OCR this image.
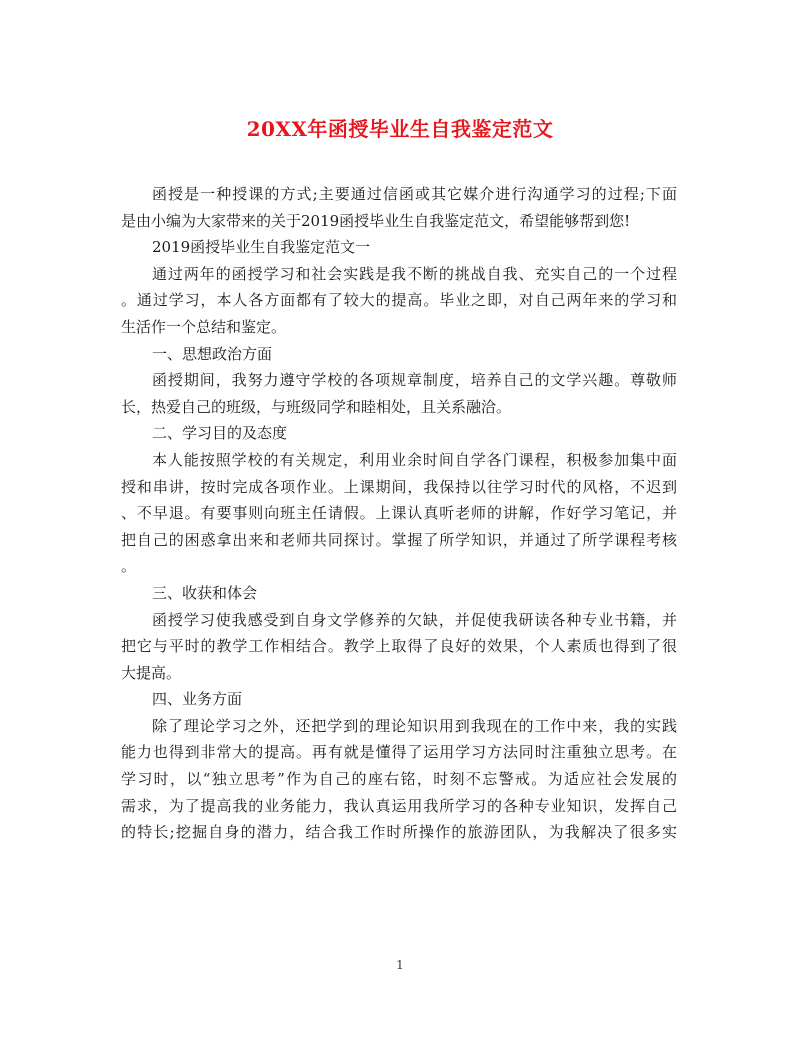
20XX年函授毕业生自我鉴定范文
函授是一种授课的方式;主要通过信函或其它媒介进行沟通学习的过程;下面
是由小编为大家带来的关于2019函授毕业生自我鉴定范文，希望能够帮到您!
2019函授毕业生自我鉴定范文一
通过两年的函授学习和社会实践是我不断的挑战自我、充实自己的一个过程
。通过学习，本人各方面都有了较大的提高。毕业之即，对自己两年来的学习和
生活作一个总结和鉴定。
一、思想政治方面
函授期间，我努力遵守学校的各项规章制度，培养自己的文学兴趣。尊敬师
长，热爱自己的班级，与班级同学和睦相处，且关系融洽。
二、学习目的及态度
本人能按照学校的有关规定，利用业余时间自学各门课程，积极参加集中面
授和串讲，按时完成各项作业。上课期间，我保持以往学习时代的风格，不迟到
、不早退。有要事则向班主任请假。上课认真听老师的讲解，作好学习笔记，并
把自己的困惑拿出来和老师共同探讨。掌握了所学知识，并通过了所学课程考核
。
三、收获和体会
函授学习使我感受到自身文学修养的欠缺，并促使我研读各种专业书籍，并
把它与平时的教学工作相结合。教学上取得了良好的效果，个人素质也得到了很
大提高。
四、业务方面
除了理论学习之外，还把学到的理论知识用到我现在的工作中来，我的实践
能力也得到非常大的提高。再有就是懂得了运用学习方法同时注重独立思考。在
学习时，以“独立思考”作为自己的座右铭，时刻不忘警戒。为适应社会发展的
需求，为了提高我的业务能力，我认真运用我所学习的各种专业知识，发挥自己
的特长;挖掘自身的潜力，结合我工作时所操作的旅游团队，为我解决了很多实
1
